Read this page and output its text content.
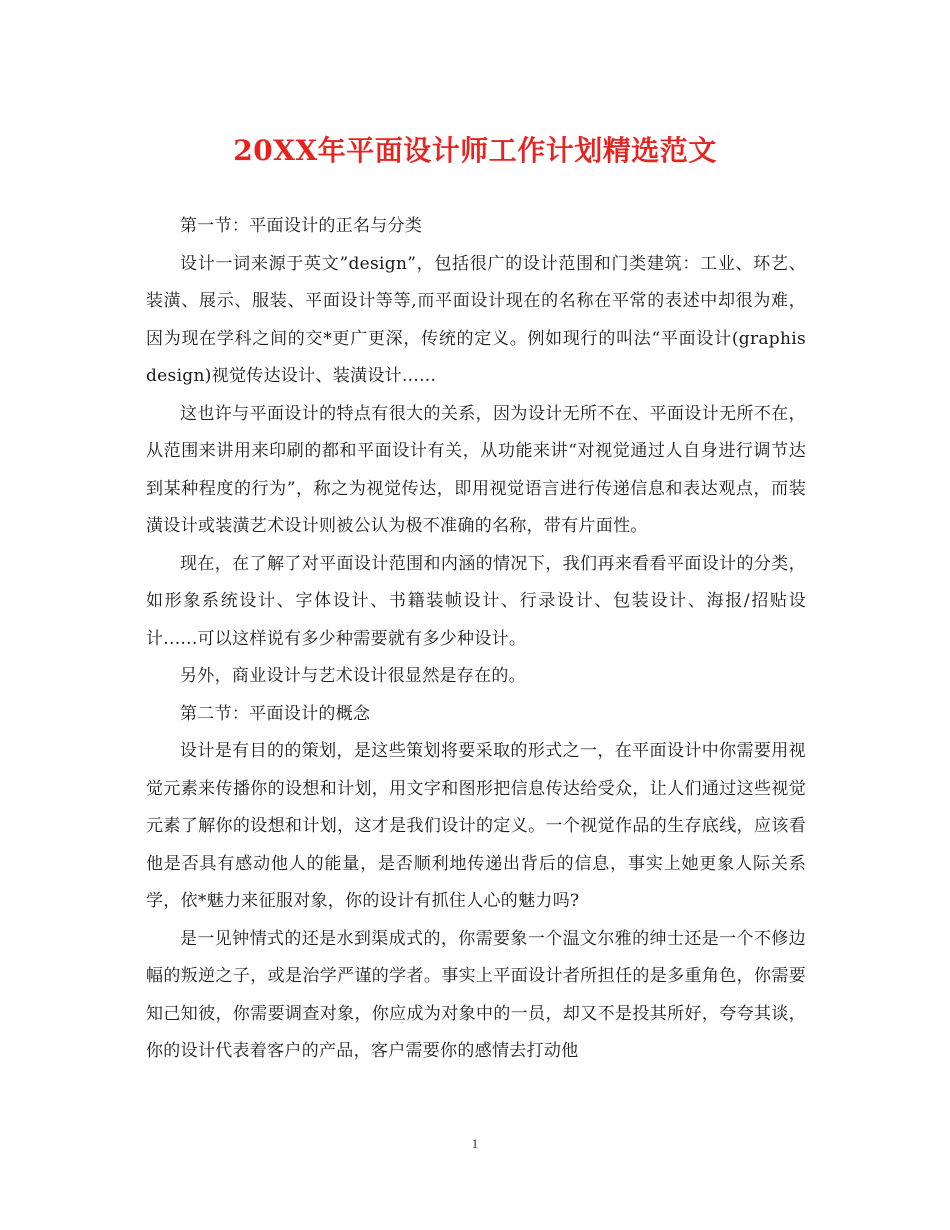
20XX年平面设计师工作计划精选范文

第一节：平面设计的正名与分类

设计一词来源于英文”design”，包括很广的设计范围和门类建筑：工业、环艺、装潢、展示、服装、平面设计等等,而平面设计现在的名称在平常的表述中却很为难，因为现在学科之间的交*更广更深，传统的定义。例如现行的叫法“平面设计(graphis design)视觉传达设计、装潢设计......

这也许与平面设计的特点有很大的关系，因为设计无所不在、平面设计无所不在，从范围来讲用来印刷的都和平面设计有关，从功能来讲“对视觉通过人自身进行调节达到某种程度的行为”，称之为视觉传达，即用视觉语言进行传递信息和表达观点，而装潢设计或装潢艺术设计则被公认为极不准确的名称，带有片面性。

现在，在了解了对平面设计范围和内涵的情况下，我们再来看看平面设计的分类，如形象系统设计、字体设计、书籍装帧设计、行录设计、包装设计、海报/招贴设计......可以这样说有多少种需要就有多少种设计。

另外，商业设计与艺术设计很显然是存在的。

第二节：平面设计的概念

设计是有目的的策划，是这些策划将要采取的形式之一，在平面设计中你需要用视觉元素来传播你的设想和计划，用文字和图形把信息传达给受众，让人们通过这些视觉元素了解你的设想和计划，这才是我们设计的定义。一个视觉作品的生存底线，应该看他是否具有感动他人的能量，是否顺利地传递出背后的信息，事实上她更象人际关系学，依*魅力来征服对象，你的设计有抓住人心的魅力吗?

是一见钟情式的还是水到渠成式的，你需要象一个温文尔雅的绅士还是一个不修边幅的叛逆之子，或是治学严谨的学者。事实上平面设计者所担任的是多重角色，你需要知己知彼，你需要调查对象，你应成为对象中的一员，却又不是投其所好，夸夸其谈，你的设计代表着客户的产品，客户需要你的感情去打动他

1
